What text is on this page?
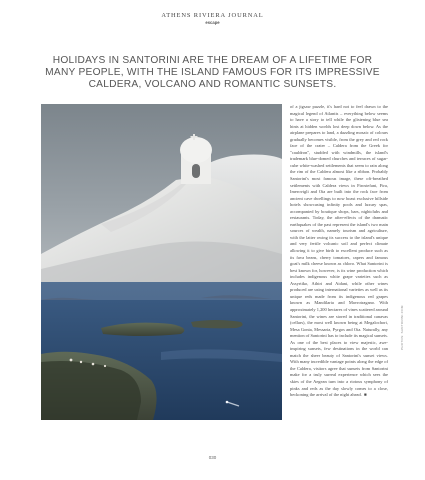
ATHENS RIVIERA JOURNAL
escape
HOLIDAYS IN SANTORINI ARE THE DREAM OF A LIFETIME FOR MANY PEOPLE, WITH THE ISLAND FAMOUS FOR ITS IMPRESSIVE CALDERA, VOLCANO AND ROMANTIC SUNSETS.

of a jigsaw puzzle, it's hard not to feel drawn to the magical legend of Atlantis – everything below seems to have a story to tell while the glistening blue sea hints at hidden worlds lost deep down below. As the airplane prepares to land, a dazzling mosaic of colours gradually becomes visible, from the grey and red rock face of the crater – Caldera from the Greek for "cauldron", studded with windmills, the island's trademark blue-domed churches and terraces of sugar-cube white-washed settlements that seem to rain along the rim of the Caldera almost like a ribbon. Probably Santorini's most famous image, these oft-breathed settlements with Caldera views in Firostefani, Fira, Imerovigli and Oia are built into the rock face from ancient cave dwellings to now boast exclusive hillside hotels showcasing infinity pools and luxury spas, accompanied by boutique shops, bars, nightclubs and restaurants. Today, the after-effects of the dramatic earthquakes of the past represent the island's two main sources of wealth, namely tourism and agriculture, with the latter owing its success to the island's unique and very fertile volcanic soil and perfect climate allowing it to give birth to excellent produce such as its fava beans, cherry tomatoes, capers and famous goat's milk cheese known as chloro. What Santorini is best known for, however, is its wine production which includes indigenous white grape varieties such as Assyrtiko, Athiri and Aidani, while other wines produced are using international varieties as well as its unique reds made from its indigenous red grapes known as Mandilaria and Mavrotragano. With approximately 1,200 hectares of vines scattered around Santorini, the wines are stored in traditional canavas (cellars), the most well known being at Megalochori, Mesa Gonia, Messaria, Pyrgos and Oia. Naturally, any mention of Santorini has to include its magical sunsets. As one of the best places to view majestic, awe-inspiring sunsets, few destinations in the world can match the sheer beauty of Santorini's sunset views. With many incredible vantage points along the edge of the Caldera, visitors agree that sunsets from Santorini make for a truly surreal experience which sees the skies of the Aegean turn into a riotous symphony of pinks and reds as the day slowly comes to a close, beckoning the arrival of the night ahead. ■

PHOTOS: SANTORINI.COM
030
